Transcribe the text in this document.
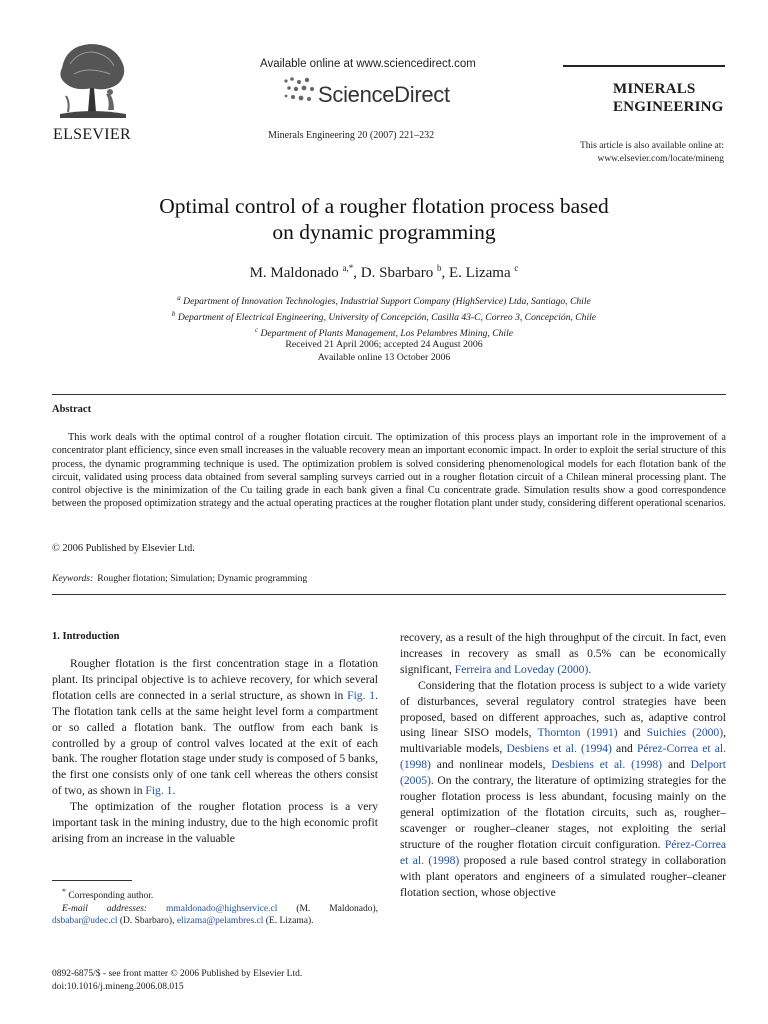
ELSEVIER
Available online at www.sciencedirect.com
ScienceDirect
Minerals Engineering 20 (2007) 221–232
MINERALS
ENGINEERING
This article is also available online at:
www.elsevier.com/locate/mineng
Optimal control of a rougher flotation process based
on dynamic programming
M. Maldonado $^{a,*}$, D. Sbarbaro $^b$, E. Lizama $^c$
$^a$ Department of Innovation Technologies, Industrial Support Company (HighService) Ltda, Santiago, Chile
$^b$ Department of Electrical Engineering, University of Concepción, Casilla 43-C, Correo 3, Concepción, Chile
$^c$ Department of Plants Management, Los Pelambres Mining, Chile
Received 21 April 2006; accepted 24 August 2006
Available online 13 October 2006
Abstract

This work deals with the optimal control of a rougher flotation circuit. The optimization of this process plays an important role in the improvement of a concentrator plant efficiency, since even small increases in the valuable recovery mean an important economic impact. In order to exploit the serial structure of this process, the dynamic programming technique is used. The optimization problem is solved considering phenomenological models for each flotation bank of the circuit, validated using process data obtained from several sampling surveys carried out in a rougher flotation circuit of a Chilean mineral processing plant. The control objective is the minimization of the Cu tailing grade in each bank given a final Cu concentrate grade. Simulation results show a good correspondence between the proposed optimization strategy and the actual operating practices at the rougher flotation plant under study, considering different operational scenarios.

© 2006 Published by Elsevier Ltd.
Keywords: Rougher flotation; Simulation; Dynamic programming
1. Introduction

Rougher flotation is the first concentration stage in a flotation plant. Its principal objective is to achieve recovery, for which several flotation cells are connected in a serial structure, as shown in Fig. 1. The flotation tank cells at the same height level form a compartment or so called a flotation bank. The outflow from each bank is controlled by a group of control valves located at the exit of each bank. The rougher flotation stage under study is composed of 5 banks, the first one consists only of one tank cell whereas the others consist of two, as shown in Fig. 1.

The optimization of the rougher flotation process is a very important task in the mining industry, due to the high economic profit arising from an increase in the valuable

recovery, as a result of the high throughput of the circuit. In fact, even increases in recovery as small as 0.5% can be economically significant, Ferreira and Loveday (2000).

Considering that the flotation process is subject to a wide variety of disturbances, several regulatory control strategies have been proposed, based on different approaches, such as, adaptive control using linear SISO models, Thornton (1991) and Suichies (2000), multivariable models, Desbiens et al. (1994) and Pérez-Correa et al. (1998) and nonlinear models, Desbiens et al. (1998) and Delport (2005). On the contrary, the literature of optimizing strategies for the rougher flotation process is less abundant, focusing mainly on the general optimization of the flotation circuits, such as, rougher–scavenger or rougher–cleaner stages, not exploiting the serial structure of the rougher flotation circuit configuration. Pérez-Correa et al. (1998) proposed a rule based control strategy in collaboration with plant operators and engineers of a simulated rougher–cleaner flotation section, whose objective

* Corresponding author.

E-mail addresses: mmaldonado@highservice.cl (M. Maldonado), dsbabar@udec.cl (D. Sbarbaro), elizama@pelambres.cl (E. Lizama).

0892-6875/$ - see front matter © 2006 Published by Elsevier Ltd.
doi:10.1016/j.mineng.2006.08.015
